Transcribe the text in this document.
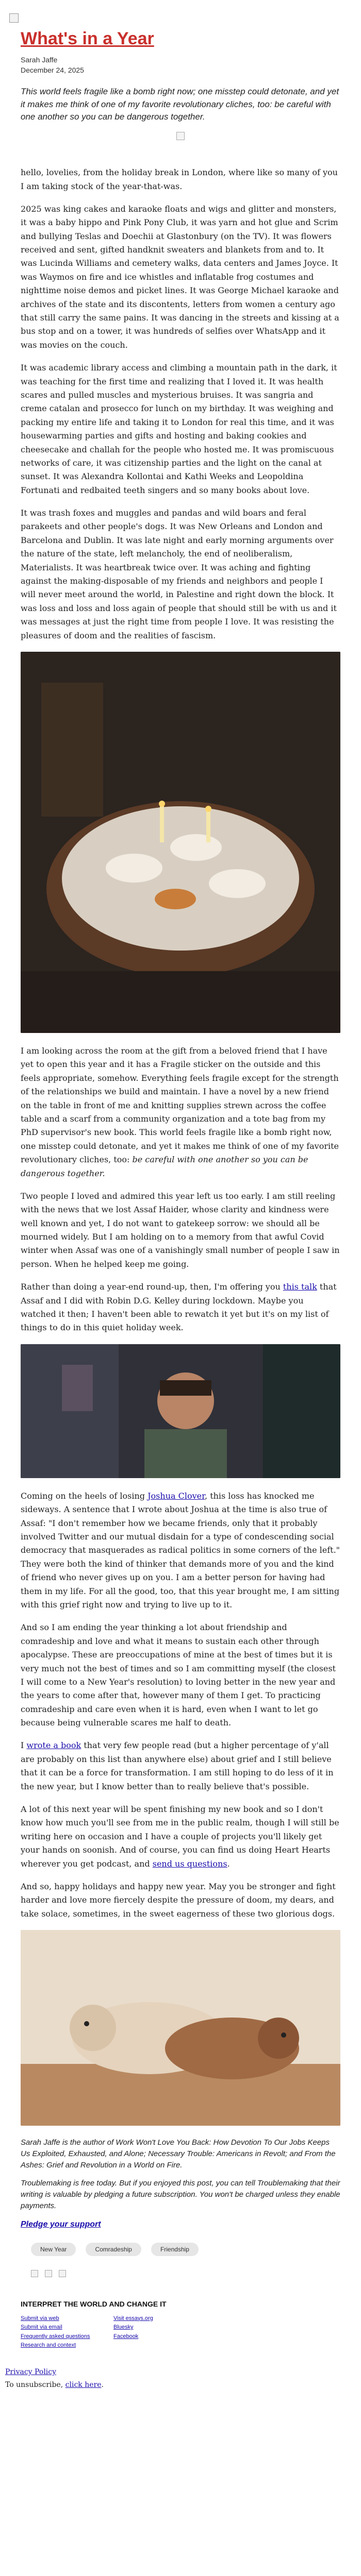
What's in a Year
Sarah Jaffe
December 24, 2025
This world feels fragile like a bomb right now; one misstep could detonate, and yet it makes me think of one of my favorite revolutionary cliches, too: be careful with one another so you can be dangerous together.

hello, lovelies, from the holiday break in London, where like so many of you I am taking stock of the year-that-was.

2025 was king cakes and karaoke floats and wigs and glitter and monsters, it was a baby hippo and Pink Pony Club, it was yarn and hot glue and Scrim and bullying Teslas and Doechii at Glastonbury (on the TV). It was flowers received and sent, gifted handknit sweaters and blankets from and to. It was Lucinda Williams and cemetery walks, data centers and James Joyce. It was Waymos on fire and ice whistles and inflatable frog costumes and nighttime noise demos and picket lines. It was George Michael karaoke and archives of the state and its discontents, letters from women a century ago that still carry the same pains. It was dancing in the streets and kissing at a bus stop and on a tower, it was hundreds of selfies over WhatsApp and it was movies on the couch.

It was academic library access and climbing a mountain path in the dark, it was teaching for the first time and realizing that I loved it. It was health scares and pulled muscles and mysterious bruises. It was sangria and creme catalan and prosecco for lunch on my birthday. It was weighing and packing my entire life and taking it to London for real this time, and it was housewarming parties and gifts and hosting and baking cookies and cheesecake and challah for the people who hosted me. It was promiscuous networks of care, it was citizenship parties and the light on the canal at sunset. It was Alexandra Kollontai and Kathi Weeks and Leopoldina Fortunati and redbaited teeth singers and so many books about love.

It was trash foxes and muggles and pandas and wild boars and feral parakeets and other people's dogs. It was New Orleans and London and Barcelona and Dublin. It was late night and early morning arguments over the nature of the state, left melancholy, the end of neoliberalism, Materialists. It was heartbreak twice over. It was aching and fighting against the making-disposable of my friends and neighbors and people I will never meet around the world, in Palestine and right down the block. It was loss and loss and loss again of people that should still be with us and it was messages at just the right time from people I love. It was resisting the pleasures of doom and the realities of fascism.

I am looking across the room at the gift from a beloved friend that I have yet to open this year and it has a Fragile sticker on the outside and this feels appropriate, somehow. Everything feels fragile except for the strength of the relationships we build and maintain. I have a novel by a new friend on the table in front of me and knitting supplies strewn across the coffee table and a scarf from a community organization and a tote bag from my PhD supervisor's new book. This world feels fragile like a bomb right now, one misstep could detonate, and yet it makes me think of one of my favorite revolutionary cliches, too: be careful with one another so you can be dangerous together.

Two people I loved and admired this year left us too early. I am still reeling with the news that we lost Assaf Haider, whose clarity and kindness were well known and yet, I do not want to gatekeep sorrow: we should all be mourned widely. But I am holding on to a memory from that awful Covid winter when Assaf was one of a vanishingly small number of people I saw in person. When he helped keep me going.

Rather than doing a year-end round-up, then, I'm offering you this talk that Assaf and I did with Robin D.G. Kelley during lockdown. Maybe you watched it then; I haven't been able to rewatch it yet but it's on my list of things to do in this quiet holiday week.

Coming on the heels of losing Joshua Clover, this loss has knocked me sideways. A sentence that I wrote about Joshua at the time is also true of Assaf: "I don't remember how we became friends, only that it probably involved Twitter and our mutual disdain for a type of condescending social democracy that masquerades as radical politics in some corners of the left." They were both the kind of thinker that demands more of you and the kind of friend who never gives up on you. I am a better person for having had them in my life. For all the good, too, that this year brought me, I am sitting with this grief right now and trying to live up to it.

And so I am ending the year thinking a lot about friendship and comradeship and love and what it means to sustain each other through apocalypse. These are preoccupations of mine at the best of times but it is very much not the best of times and so I am committing myself (the closest I will come to a New Year's resolution) to loving better in the new year and the years to come after that, however many of them I get. To practicing comradeship and care even when it is hard, even when I want to let go because being vulnerable scares me half to death.

I wrote a book that very few people read (but a higher percentage of y'all are probably on this list than anywhere else) about grief and I still believe that it can be a force for transformation. I am still hoping to do less of it in the new year, but I know better than to really believe that's possible.

A lot of this next year will be spent finishing my new book and so I don't know how much you'll see from me in the public realm, though I will still be writing here on occasion and I have a couple of projects you'll likely get your hands on soonish. And of course, you can find us doing Heart Hearts wherever you get podcast, and send us questions.

And so, happy holidays and happy new year. May you be stronger and fight harder and love more fiercely despite the pressure of doom, my dears, and take solace, sometimes, in the sweet eagerness of these two glorious dogs.

Sarah Jaffe is the author of Work Won't Love You Back: How Devotion To Our Jobs Keeps Us Exploited, Exhausted, and Alone; Necessary Trouble: Americans in Revolt; and From the Ashes: Grief and Revolution in a World on Fire.
Troublemaking is free today. But if you enjoyed this post, you can tell Troublemaking that their writing is valuable by pledging a future subscription. You won't be charged unless they enable payments.
Pledge your support
New Year	Comradeship	Friendship

INTERPRET THE WORLD AND CHANGE IT
Submit via web	Visit essays.org
Submit via email	Bluesky
Frequently asked questions	Facebook
Research and context
Privacy Policy
To unsubscribe, click here.
